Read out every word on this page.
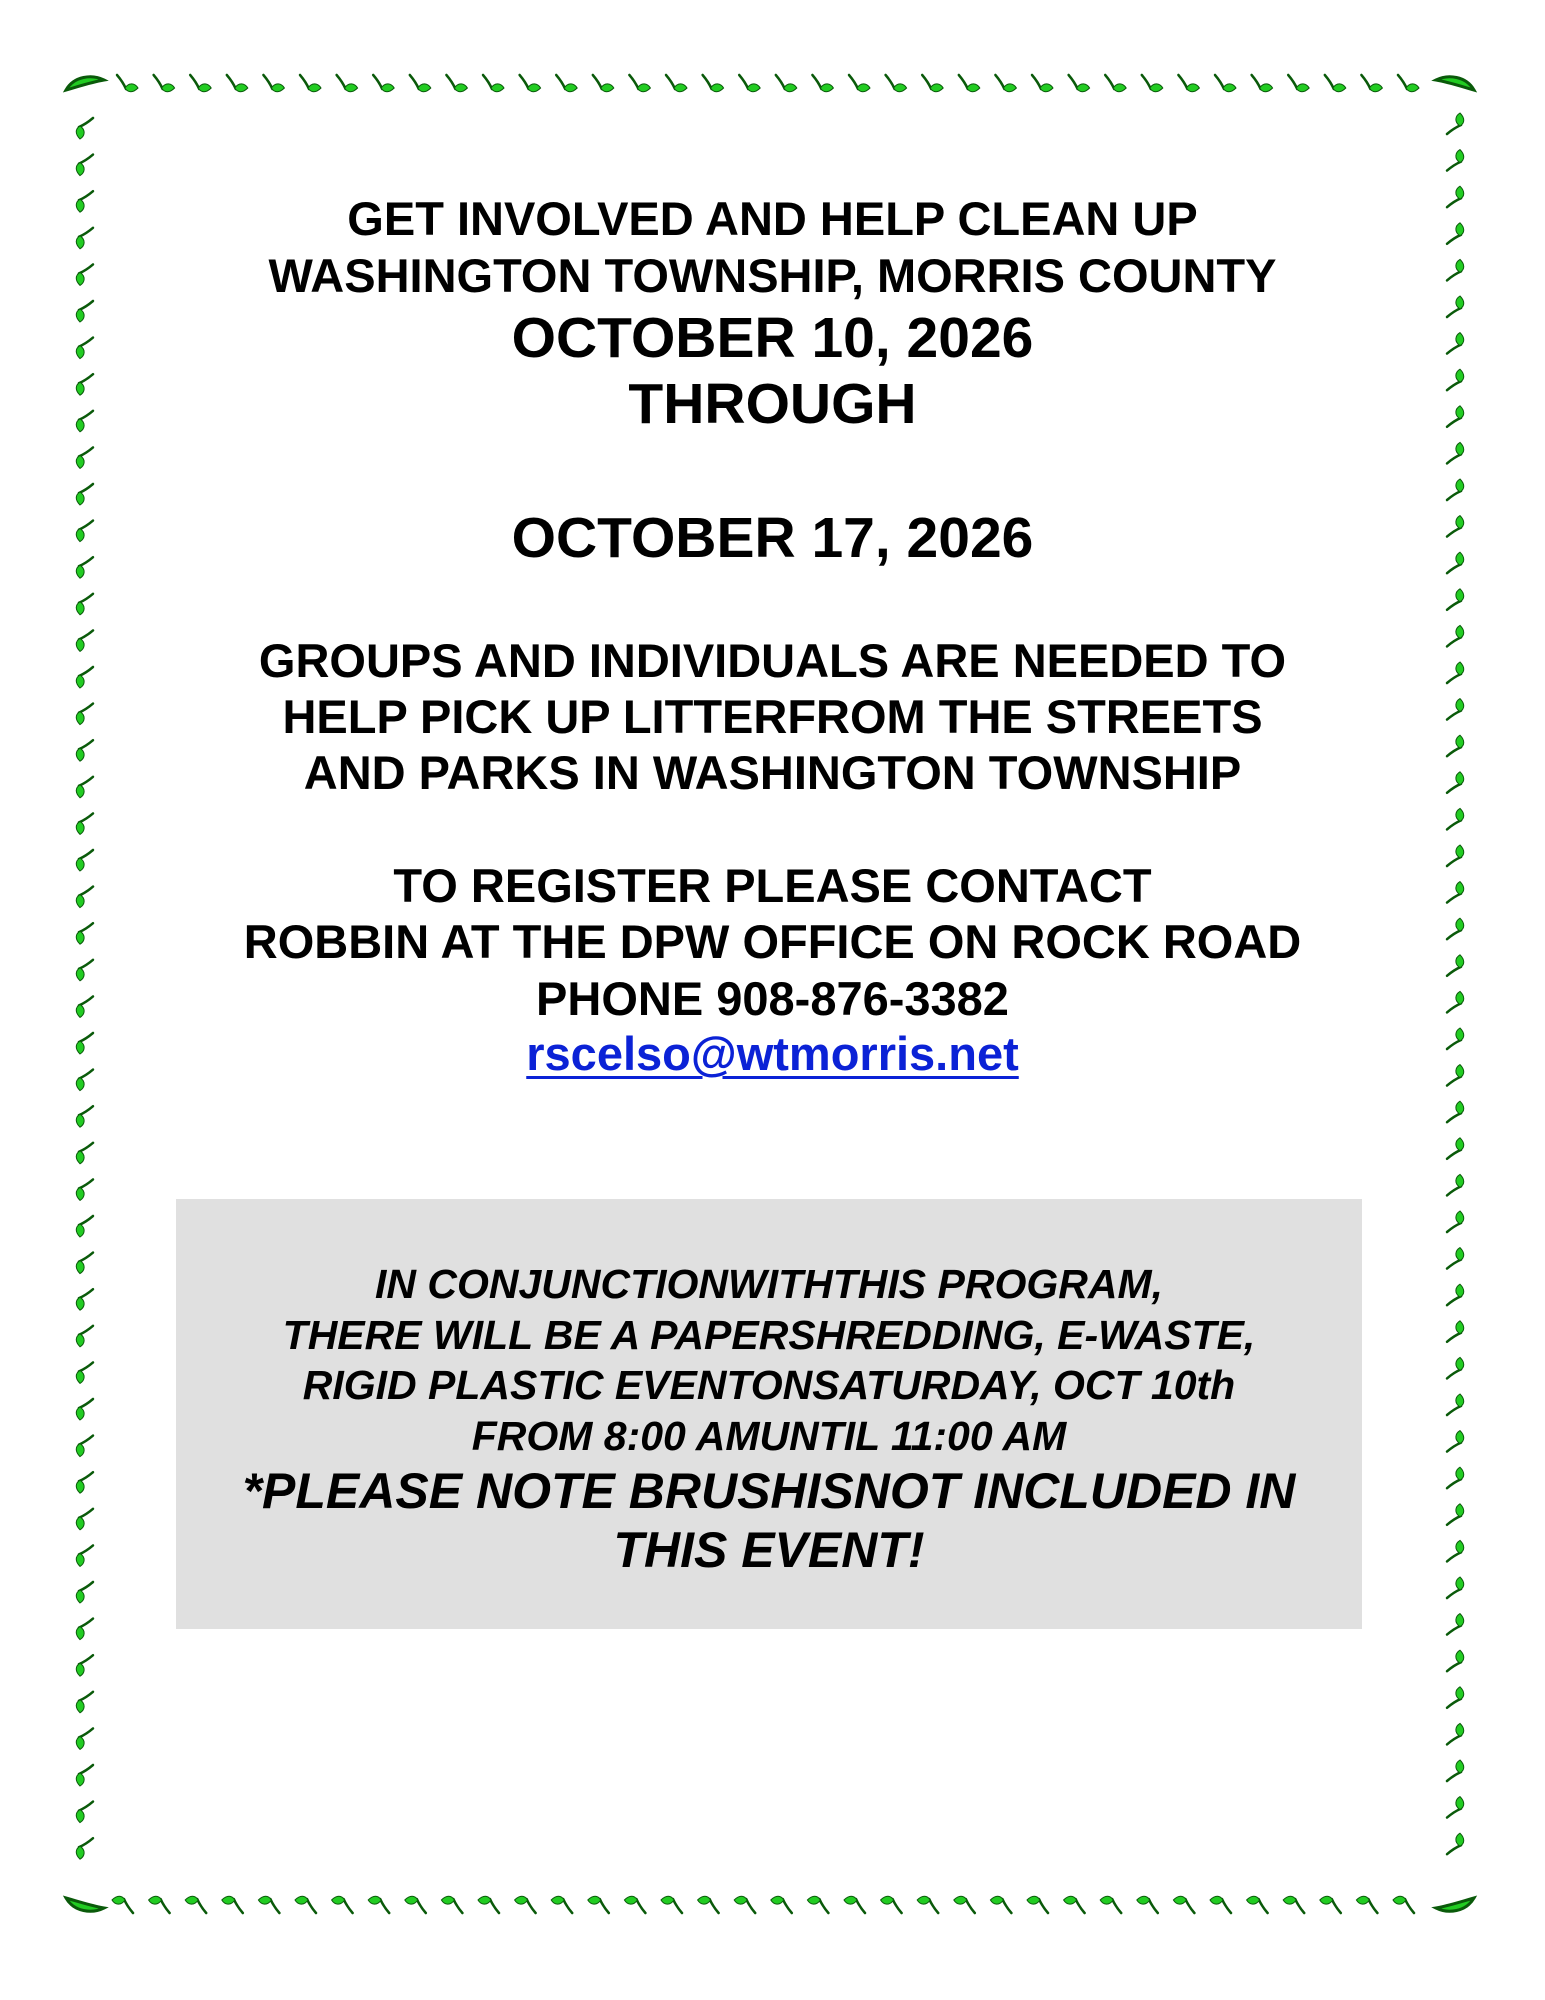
GET INVOLVED AND HELP CLEAN UP
WASHINGTON TOWNSHIP, MORRIS COUNTY
OCTOBER 10, 2026
THROUGH
OCTOBER 17, 2026
GROUPS AND INDIVIDUALS ARE NEEDED TO
HELP PICK UP LITTERFROM THE STREETS
AND PARKS IN WASHINGTON TOWNSHIP
TO REGISTER PLEASE CONTACT
ROBBIN AT THE DPW OFFICE ON ROCK ROAD
PHONE 908-876-3382
rscelso@wtmorris.net
IN CONJUNCTIONWITHTHIS PROGRAM,
THERE WILL BE A PAPERSHREDDING, E-WASTE,
RIGID PLASTIC EVENTONSATURDAY, OCT 10th
FROM 8:00 AMUNTIL 11:00 AM
*PLEASE NOTE BRUSHISNOT INCLUDED IN
THIS EVENT!
